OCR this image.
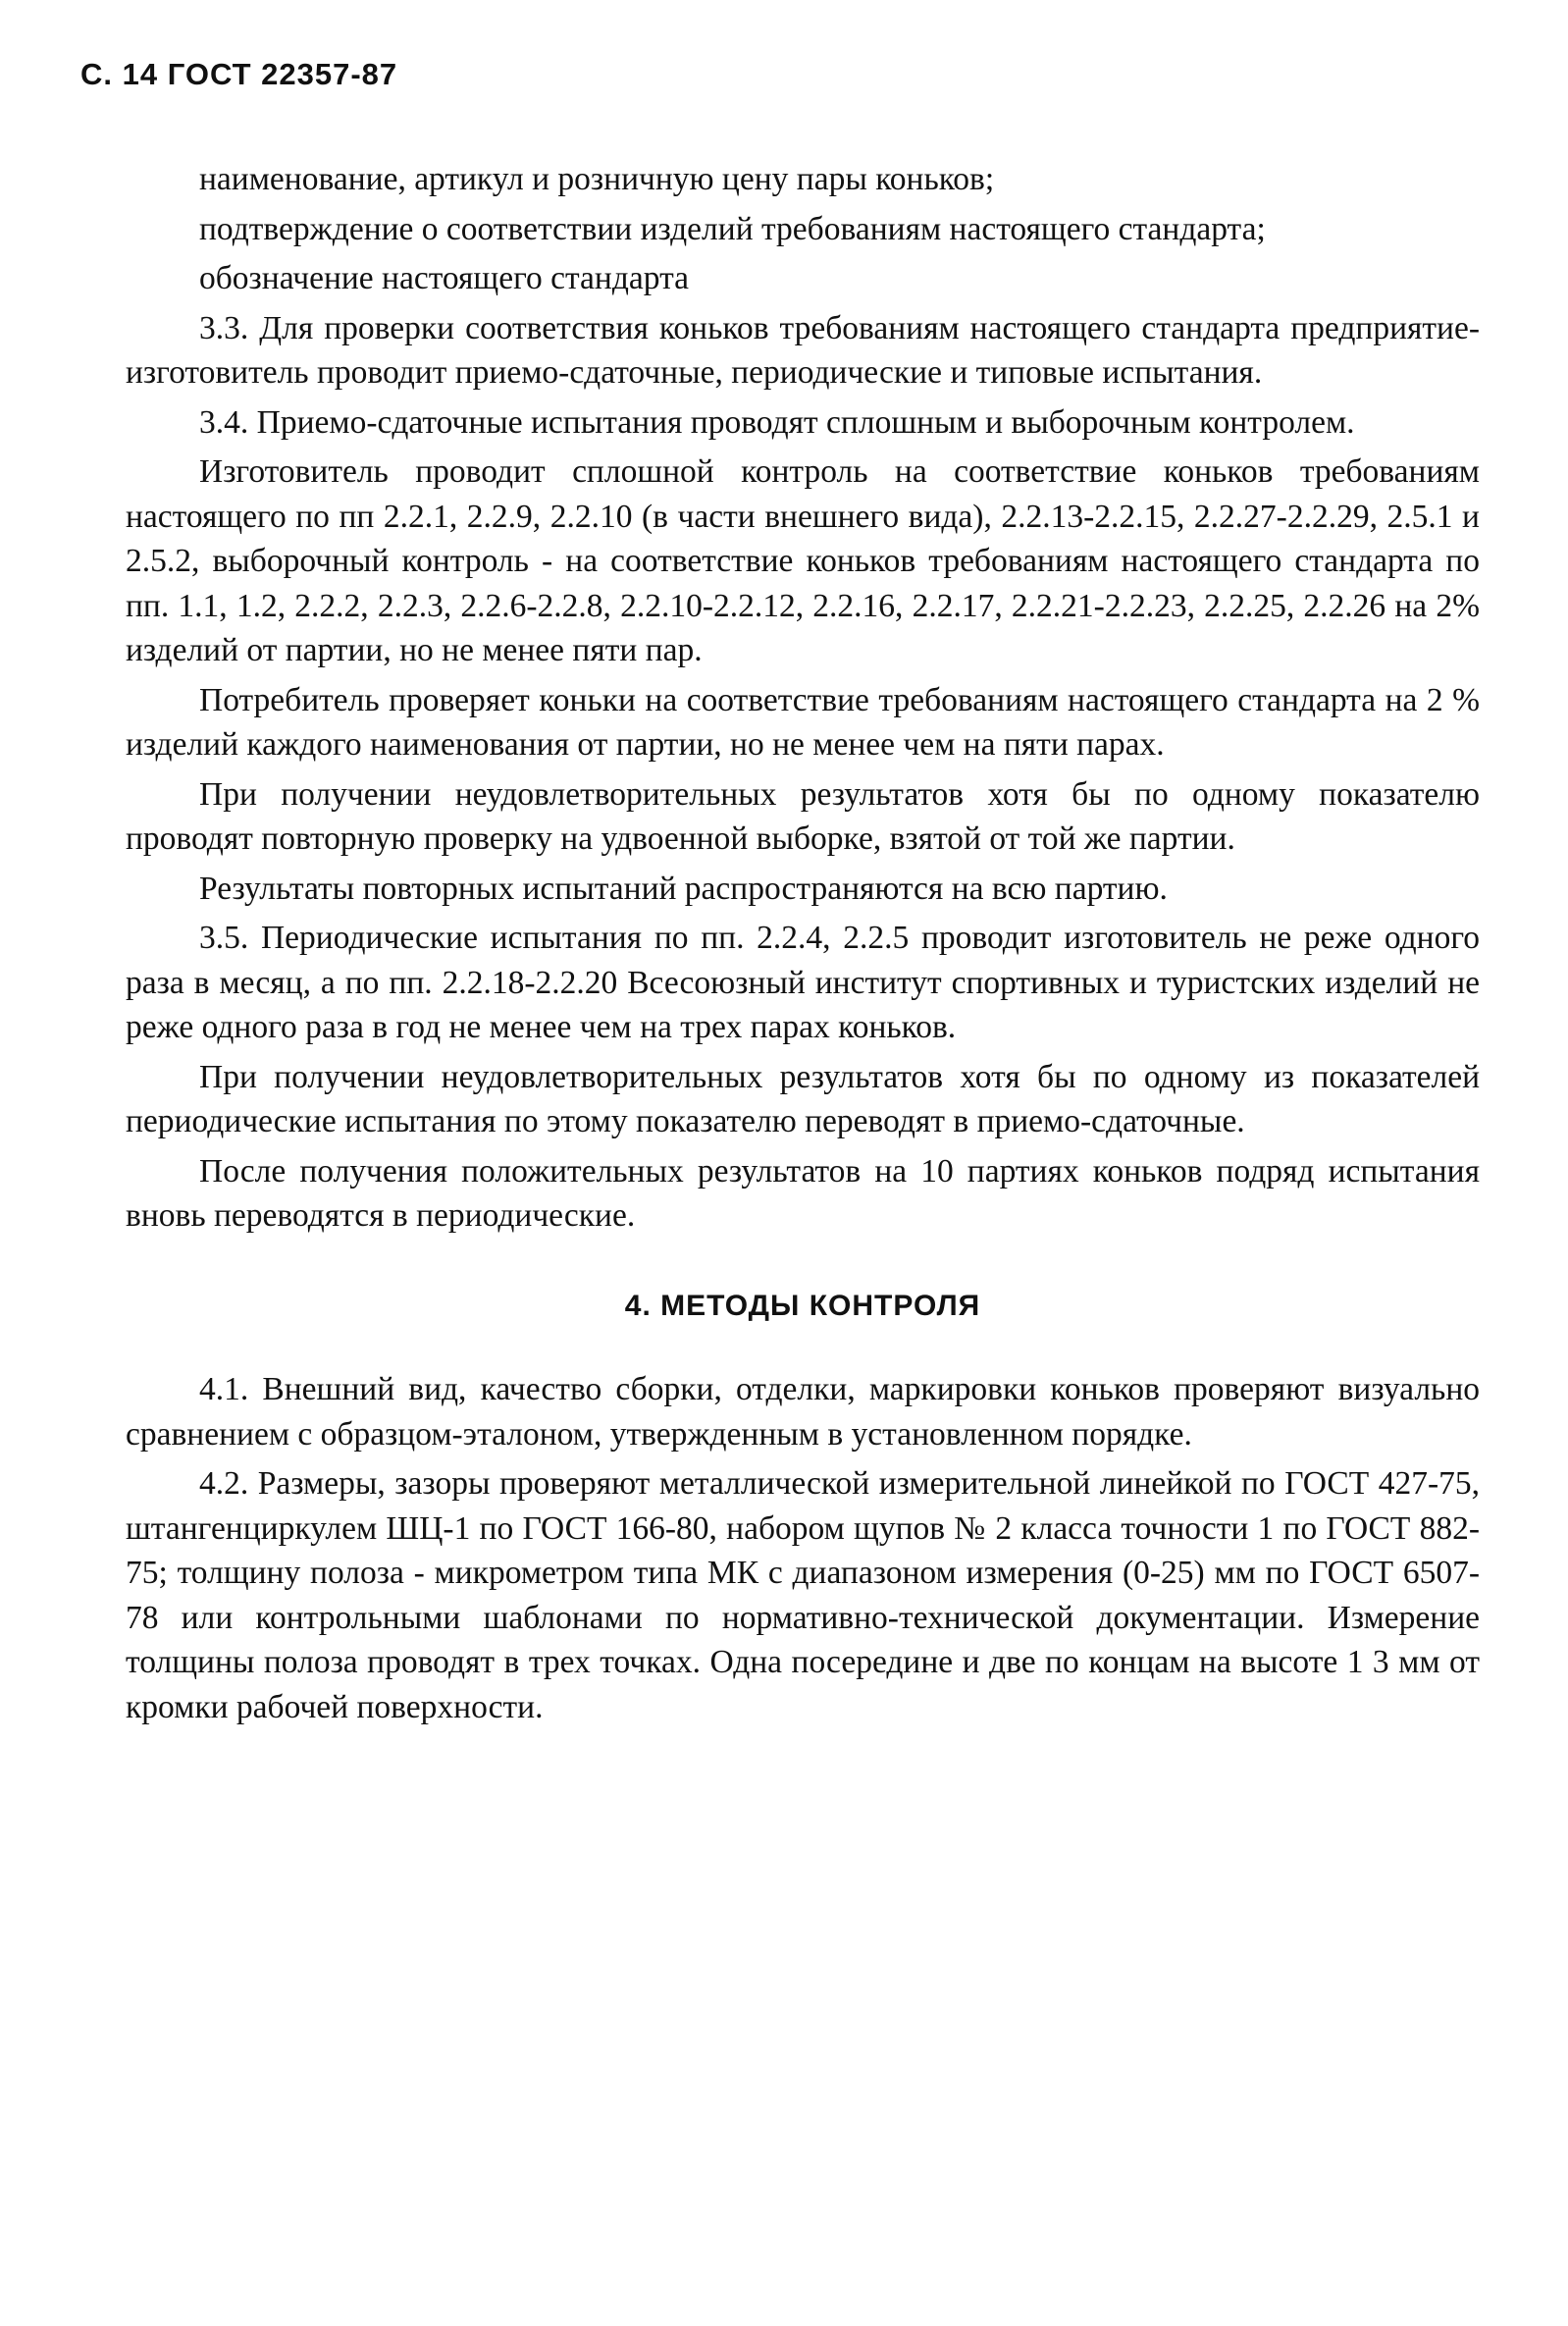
С. 14 ГОСТ 22357-87

наименование, артикул и розничную цену пары коньков;

подтверждение о соответствии изделий требованиям настоящего стандарта;

обозначение настоящего стандарта

3.3. Для проверки соответствия коньков требованиям настоящего стандарта предприятие-изготовитель проводит приемо-сдаточные, периодические и типовые испытания.

3.4. Приемо-сдаточные испытания проводят сплошным и выборочным контролем.

Изготовитель проводит сплошной контроль на соответствие коньков требованиям настоящего по пп 2.2.1, 2.2.9, 2.2.10 (в части внешнего вида), 2.2.13-2.2.15, 2.2.27-2.2.29, 2.5.1 и 2.5.2, выборочный контроль - на соответствие коньков требованиям настоящего стандарта по пп. 1.1, 1.2, 2.2.2, 2.2.3, 2.2.6-2.2.8, 2.2.10-2.2.12, 2.2.16, 2.2.17, 2.2.21-2.2.23, 2.2.25, 2.2.26 на 2% изделий от партии, но не менее пяти пар.

Потребитель проверяет коньки на соответствие требованиям настоящего стандарта на 2 % изделий каждого наименования от партии, но не менее чем на пяти парах.

При получении неудовлетворительных результатов хотя бы по одному показателю проводят повторную проверку на удвоенной выборке, взятой от той же партии.

Результаты повторных испытаний распространяются на всю партию.

3.5. Периодические испытания по пп. 2.2.4, 2.2.5 проводит изготовитель не реже одного раза в месяц, а по пп. 2.2.18-2.2.20 Всесоюзный институт спортивных и туристских изделий не реже одного раза в год не менее чем на трех парах коньков.

При получении неудовлетворительных результатов хотя бы по одному из показателей периодические испытания по этому показателю переводят в приемо-сдаточные.

После получения положительных результатов на 10 партиях коньков подряд испытания вновь переводятся в периодические.

4. МЕТОДЫ КОНТРОЛЯ

4.1. Внешний вид, качество сборки, отделки, маркировки коньков проверяют визуально сравнением с образцом-эталоном, утвержденным в установленном порядке.

4.2. Размеры, зазоры проверяют металлической измерительной линейкой по ГОСТ 427-75, штангенциркулем ШЦ-1 по ГОСТ 166-80, набором щупов № 2 класса точности 1 по ГОСТ 882-75; толщину полоза - микрометром типа МК с диапазоном измерения (0-25) мм по ГОСТ 6507-78 или контрольными шаблонами по нормативно-технической документации. Измерение толщины полоза проводят в трех точках. Одна посередине и две по концам на высоте 1 3 мм от кромки рабочей поверхности.
